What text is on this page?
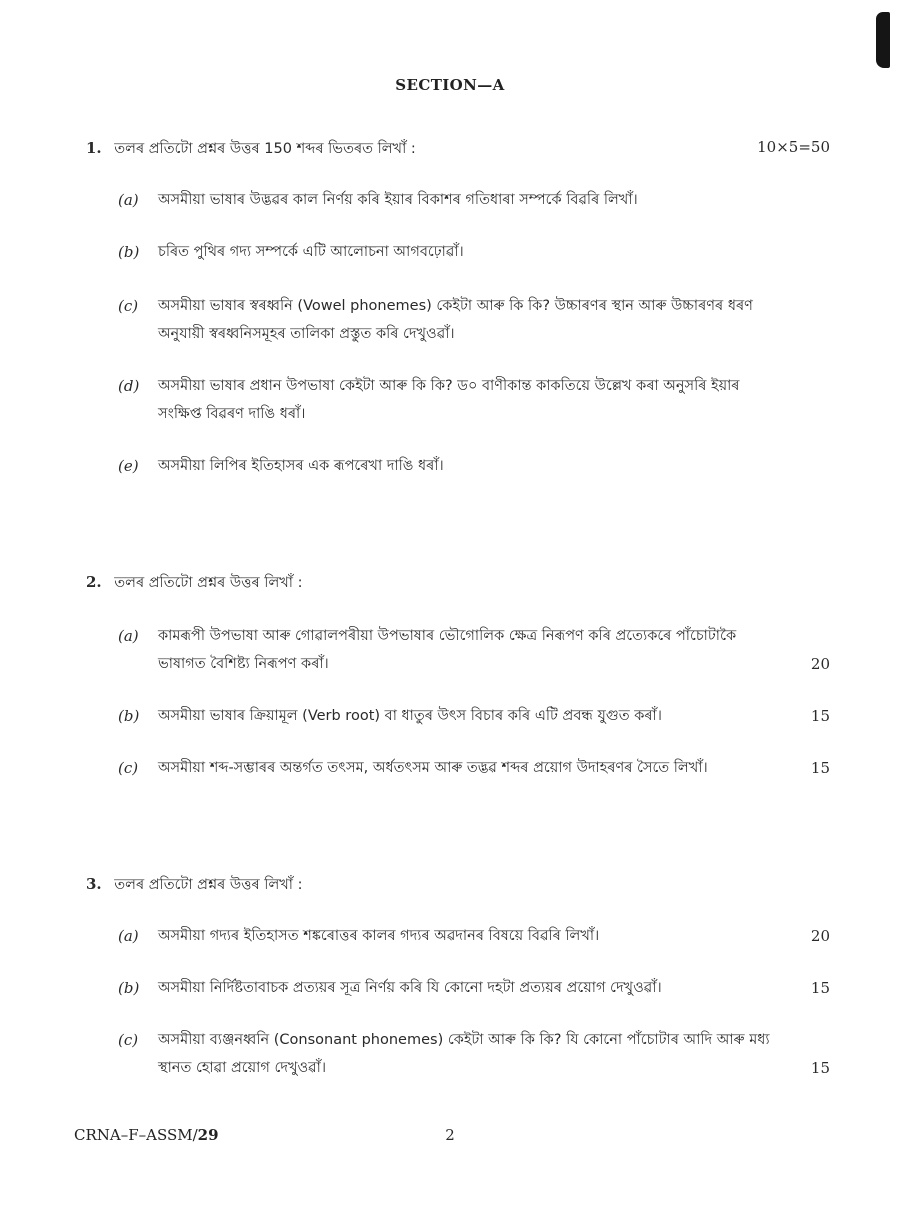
SECTION—A
1. তলৰ প্ৰতিটো প্ৰশ্নৰ উত্তৰ 150 শব্দৰ ভিতৰত লিখাঁ :	10×5=50
(a) অসমীয়া ভাষাৰ উদ্ভৱৰ কাল নিৰ্ণয় কৰি ইয়াৰ বিকাশৰ গতিধাৰা সম্পৰ্কে বিৱৰি লিখাঁ।
(b) চৰিত পুথিৰ গদ্য সম্পৰ্কে এটি আলোচনা আগবঢ়োৱাঁ।
(c) অসমীয়া ভাষাৰ স্বৰধ্বনি (Vowel phonemes) কেইটা আৰু কি কি? উচ্চাৰণৰ স্থান আৰু উচ্চাৰণৰ ধৰণ অনুযায়ী স্বৰধ্বনিসমূহৰ তালিকা প্ৰস্তুত কৰি দেখুওৱাঁ।
(d) অসমীয়া ভাষাৰ প্ৰধান উপভাষা কেইটা আৰু কি কি? ড০ বাণীকান্ত কাকতিয়ে উল্লেখ কৰা অনুসৰি ইয়াৰ সংক্ষিপ্ত বিৱৰণ দাঙি ধৰাঁ।
(e) অসমীয়া লিপিৰ ইতিহাসৰ এক ৰূপৰেখা দাঙি ধৰাঁ।
2. তলৰ প্ৰতিটো প্ৰশ্নৰ উত্তৰ লিখাঁ :
(a) কামৰূপী উপভাষা আৰু গোৱালপৰীয়া উপভাষাৰ ভৌগোলিক ক্ষেত্ৰ নিৰূপণ কৰি প্ৰত্যেকৰে পাঁচোটাকৈ ভাষাগত বৈশিষ্ট্য নিৰূপণ কৰাঁ।	20
(b) অসমীয়া ভাষাৰ ক্ৰিয়ামূল (Verb root) বা ধাতুৰ উৎস বিচাৰ কৰি এটি প্ৰবন্ধ যুগুত কৰাঁ।	15
(c) অসমীয়া শব্দ-সম্ভাৰৰ অন্তৰ্গত তৎসম, অৰ্ধতৎসম আৰু তদ্ভৱ শব্দৰ প্ৰয়োগ উদাহৰণৰ সৈতে লিখাঁ।	15
3. তলৰ প্ৰতিটো প্ৰশ্নৰ উত্তৰ লিখাঁ :
(a) অসমীয়া গদ্যৰ ইতিহাসত শঙ্কৰোত্তৰ কালৰ গদ্যৰ অৱদানৰ বিষয়ে বিৱৰি লিখাঁ।	20
(b) অসমীয়া নিৰ্দিষ্টতাবাচক প্ৰত্যয়ৰ সূত্ৰ নিৰ্ণয় কৰি যি কোনো দহটা প্ৰত্যয়ৰ প্ৰয়োগ দেখুওৱাঁ।	15
(c) অসমীয়া ব্যঞ্জনধ্বনি (Consonant phonemes) কেইটা আৰু কি কি? যি কোনো পাঁচোটাৰ আদি আৰু মধ্য স্থানত হোৱা প্ৰয়োগ দেখুওৱাঁ।	15
CRNA–F–ASSM/29	2
